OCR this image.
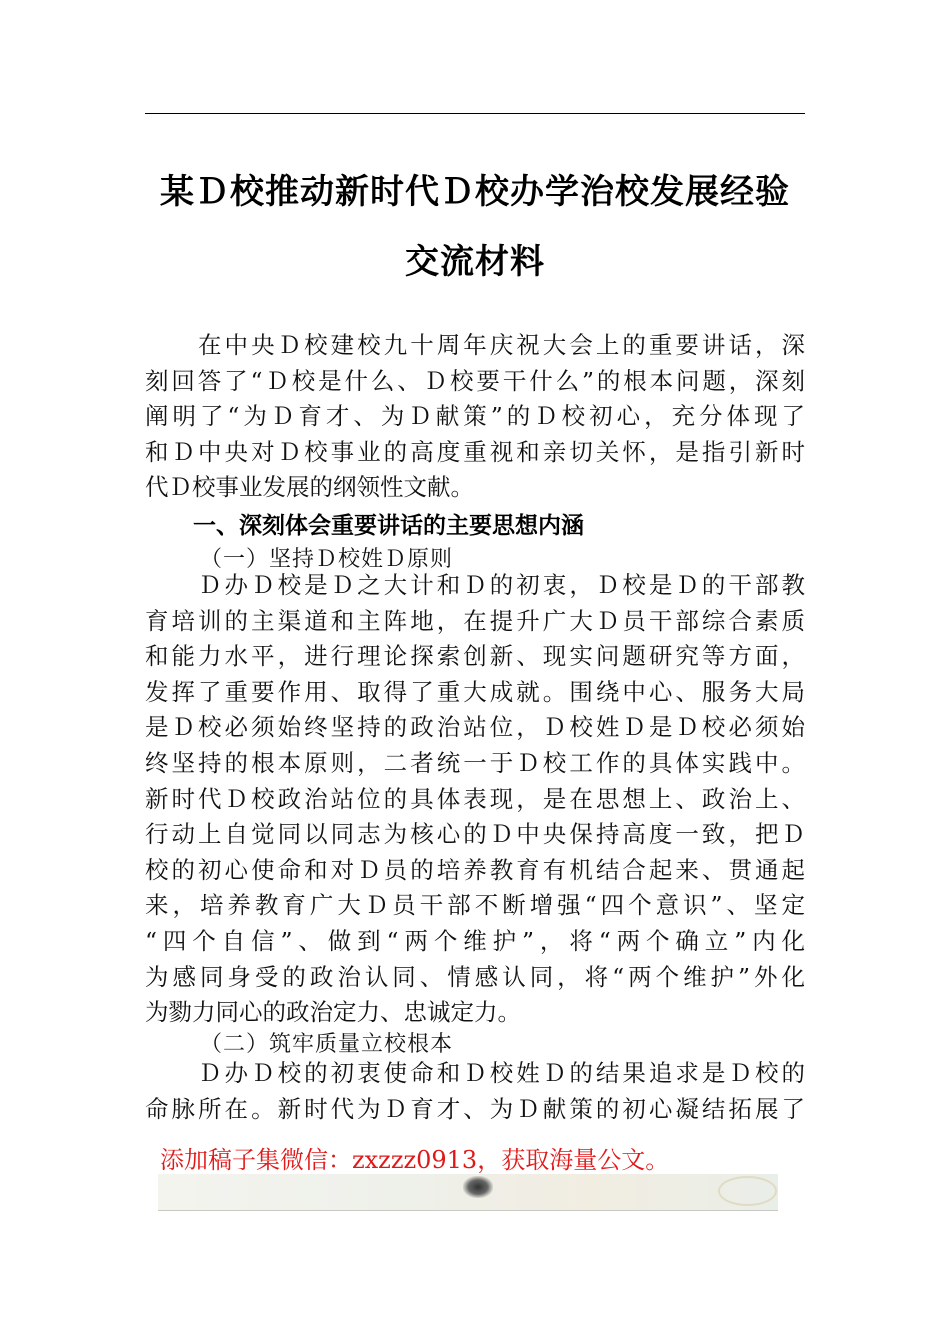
某Ｄ校推动新时代Ｄ校办学治校发展经验
交流材料
　　在中央Ｄ校建校九十周年庆祝大会上的重要讲话，深
刻回答了“Ｄ校是什么、Ｄ校要干什么”的根本问题，深刻
阐明了“为Ｄ育才、为Ｄ献策”的Ｄ校初心，充分体现了
和Ｄ中央对Ｄ校事业的高度重视和亲切关怀，是指引新时
代Ｄ校事业发展的纲领性文献。
一、深刻体会重要讲话的主要思想内涵
（一）坚持Ｄ校姓Ｄ原则
　　Ｄ办Ｄ校是Ｄ之大计和Ｄ的初衷，Ｄ校是Ｄ的干部教
育培训的主渠道和主阵地，在提升广大Ｄ员干部综合素质
和能力水平，进行理论探索创新、现实问题研究等方面，
发挥了重要作用、取得了重大成就。围绕中心、服务大局
是Ｄ校必须始终坚持的政治站位，Ｄ校姓Ｄ是Ｄ校必须始
终坚持的根本原则，二者统一于Ｄ校工作的具体实践中。
新时代Ｄ校政治站位的具体表现，是在思想上、政治上、
行动上自觉同以同志为核心的Ｄ中央保持高度一致，把Ｄ
校的初心使命和对Ｄ员的培养教育有机结合起来、贯通起
来，培养教育广大Ｄ员干部不断增强“四个意识”、坚定
“四个自信”、做到“两个维护”，将“两个确立”内化
为感同身受的政治认同、情感认同，将“两个维护”外化
为勠力同心的政治定力、忠诚定力。
（二）筑牢质量立校根本
　　Ｄ办Ｄ校的初衷使命和Ｄ校姓Ｄ的结果追求是Ｄ校的
命脉所在。新时代为Ｄ育才、为Ｄ献策的初心凝结拓展了
添加稿子集微信：zxzzz0913，获取海量公文。
